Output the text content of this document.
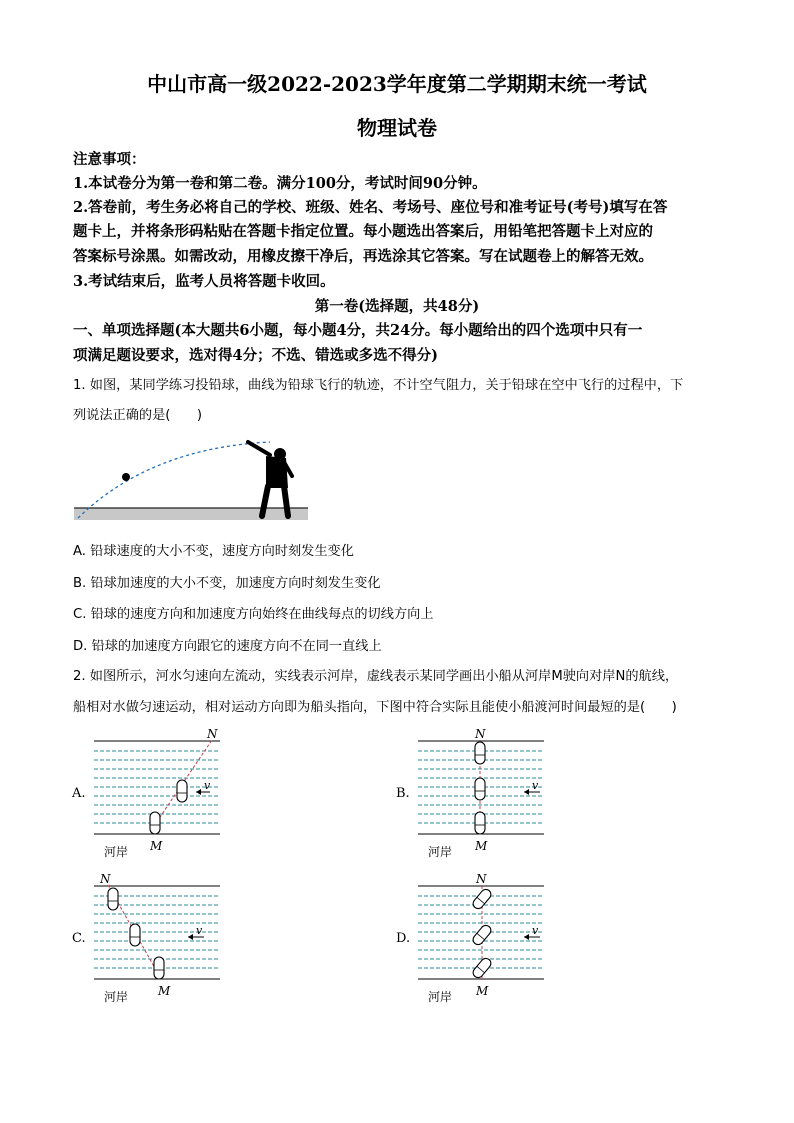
中山市高一级2022-2023学年度第二学期期末统一考试
物理试卷
注意事项：
1.本试卷分为第一卷和第二卷。满分100分，考试时间90分钟。
2.答卷前，考生务必将自己的学校、班级、姓名、考场号、座位号和准考证号(考号)填写在答
题卡上，并将条形码粘贴在答题卡指定位置。每小题选出答案后，用铅笔把答题卡上对应的
答案标号涂黑。如需改动，用橡皮擦干净后，再选涂其它答案。写在试题卷上的解答无效。
3.考试结束后，监考人员将答题卡收回。
第一卷(选择题，共48分)
一、单项选择题(本大题共6小题，每小题4分，共24分。每小题给出的四个选项中只有一
项满足题设要求，选对得4分；不选、错选或多选不得分)
1. 如图，某同学练习投铅球，曲线为铅球飞行的轨迹，不计空气阻力，关于铅球在空中飞行的过程中，下
列说法正确的是(　　)
A. 铅球速度的大小不变，速度方向时刻发生变化
B. 铅球加速度的大小不变，加速度方向时刻发生变化
C. 铅球的速度方向和加速度方向始终在曲线每点的切线方向上
D. 铅球的加速度方向跟它的速度方向不在同一直线上
2. 如图所示，河水匀速向左流动，实线表示河岸，虚线表示某同学画出小船从河岸M驶向对岸N的航线，
船相对水做匀速运动，相对运动方向即为船头指向，下图中符合实际且能使小船渡河时间最短的是(　　)
A.
N
v
M
河岸
B.
N
v
M
河岸
C.
N
v
M
河岸
D.
N
v
M
河岸
